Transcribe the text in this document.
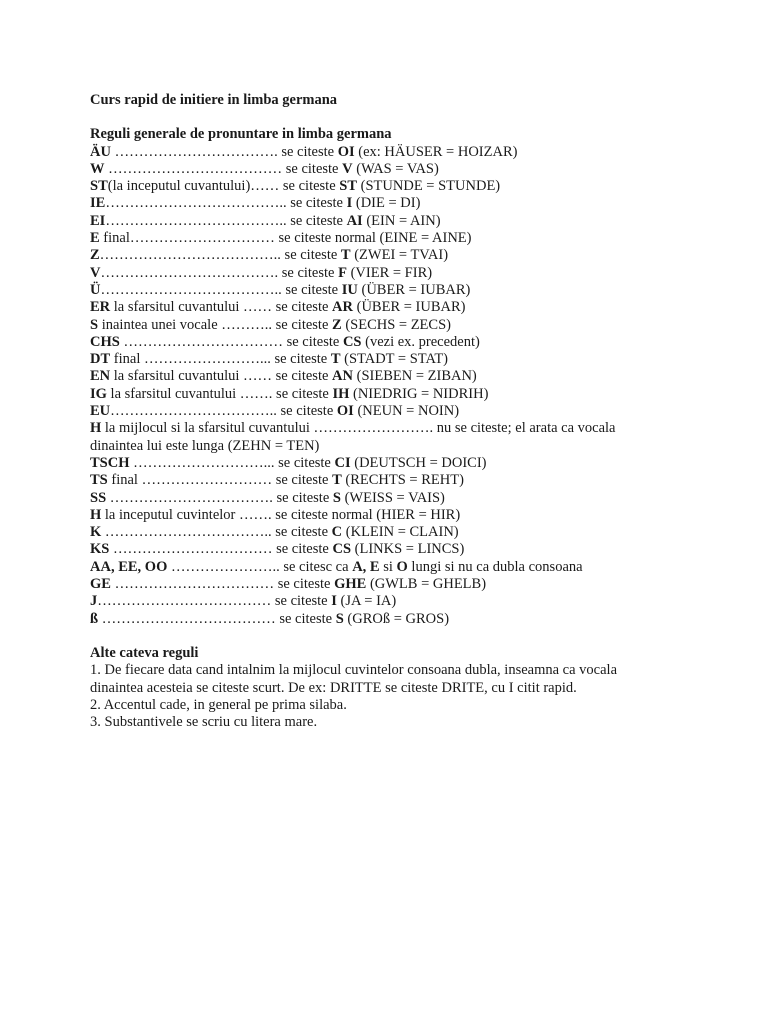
Curs rapid de initiere in limba germana

Reguli generale de pronuntare in limba germana

ÄU ……………………………. se citeste OI (ex: HÄUSER = HOIZAR)

W ……………………………… se citeste V (WAS = VAS)

ST(la inceputul cuvantului)…… se citeste ST (STUNDE = STUNDE)

IE……………………………….. se citeste I (DIE = DI)

EI……………………………….. se citeste AI (EIN = AIN)

E final………………………… se citeste normal (EINE = AINE)

Z……………………………….. se citeste T (ZWEI = TVAI)

V………………………………. se citeste F (VIER = FIR)

Ü……………………………….. se citeste IU (ÜBER = IUBAR)

ER la sfarsitul cuvantului …… se citeste AR (ÜBER = IUBAR)

S inaintea unei vocale ……….. se citeste Z (SECHS = ZECS)

CHS …………………………… se citeste CS (vezi ex. precedent)

DT final ……………………... se citeste T (STADT = STAT)

EN la sfarsitul cuvantului …… se citeste AN (SIEBEN = ZIBAN)

IG la sfarsitul cuvantului ……. se citeste IH (NIEDRIG = NIDRIH)

EU…………………………….. se citeste OI (NEUN = NOIN)

H la mijlocul si la sfarsitul cuvantului ……………………. nu se citeste; el arata ca vocala dinaintea lui este lunga (ZEHN = TEN)

TSCH ………………………... se citeste CI (DEUTSCH = DOICI)

TS final ……………………… se citeste T (RECHTS = REHT)

SS ……………………………. se citeste S (WEISS = VAIS)

H la inceputul cuvintelor ……. se citeste normal (HIER = HIR)

K …………………………….. se citeste C (KLEIN = CLAIN)

KS …………………………… se citeste CS (LINKS = LINCS)

AA, EE, OO ………………….. se citesc ca A, E si O lungi si nu ca dubla consoana

GE …………………………… se citeste GHE (GWLB = GHELB)

J……………………………… se citeste I (JA = IA)

ß ……………………………… se citeste S (GROß = GROS)

Alte cateva reguli

1. De fiecare data cand intalnim la mijlocul cuvintelor consoana dubla, inseamna ca vocala dinaintea acesteia se citeste scurt. De ex: DRITTE se citeste DRITE, cu I citit rapid.

2. Accentul cade, in general pe prima silaba.

3. Substantivele se scriu cu litera mare.
